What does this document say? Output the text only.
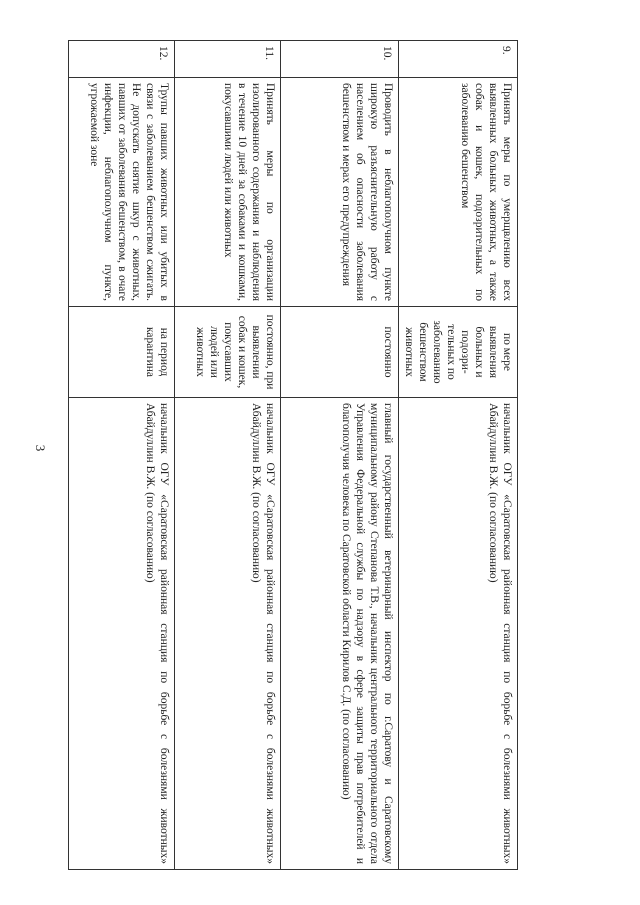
3
9.	Принять меры по умерщвлению всех выявленных больных животных, а также собак и кошек, подозрительных по заболеванию бешенством	по мере выявления больных и подозри-тельных по заболеванию бешенством животных	начальник ОГУ «Саратовская районная станция по борьбе с болезнями животных» Абайдуллин В.Ж. (по согласованию)
10.	Проводить в неблагополучном пункте широкую разъяснительную работу с населением об опасности заболевания бешенством и мерах его предупреждения	постоянно	главный государственный ветеринарный инспектор по г.Саратову и Саратовскому муниципальному району Степанова Т.В., начальник центрального территориального отдела Управления Федеральной службы по надзору в сфере защиты прав потребителей и благополучия человека по Саратовской области Кирилов С.Д. (по согласованию)
11.	Принять меры по организации изолированного содержания и наблюдения в течение 10 дней за собаками и кошками, покусавшими людей или животных	постоянно, при выявлении собак и кошек, покусавших людей или животных	начальник ОГУ «Саратовская районная станция по борьбе с болезнями животных» Абайдуллин В.Ж. (по согласованию)
12.	Трупы павших животных или убитых в связи с заболеванием бешенством сжигать. Не допускать снятие шкур с животных, павших от заболевания бешенством, в очаге инфекции, неблагополучном пункте, угрожаемой зоне	на период карантина	начальник ОГУ «Саратовская районная станция по борьбе с болезнями животных» Абайдуллин В.Ж. (по согласованию)
